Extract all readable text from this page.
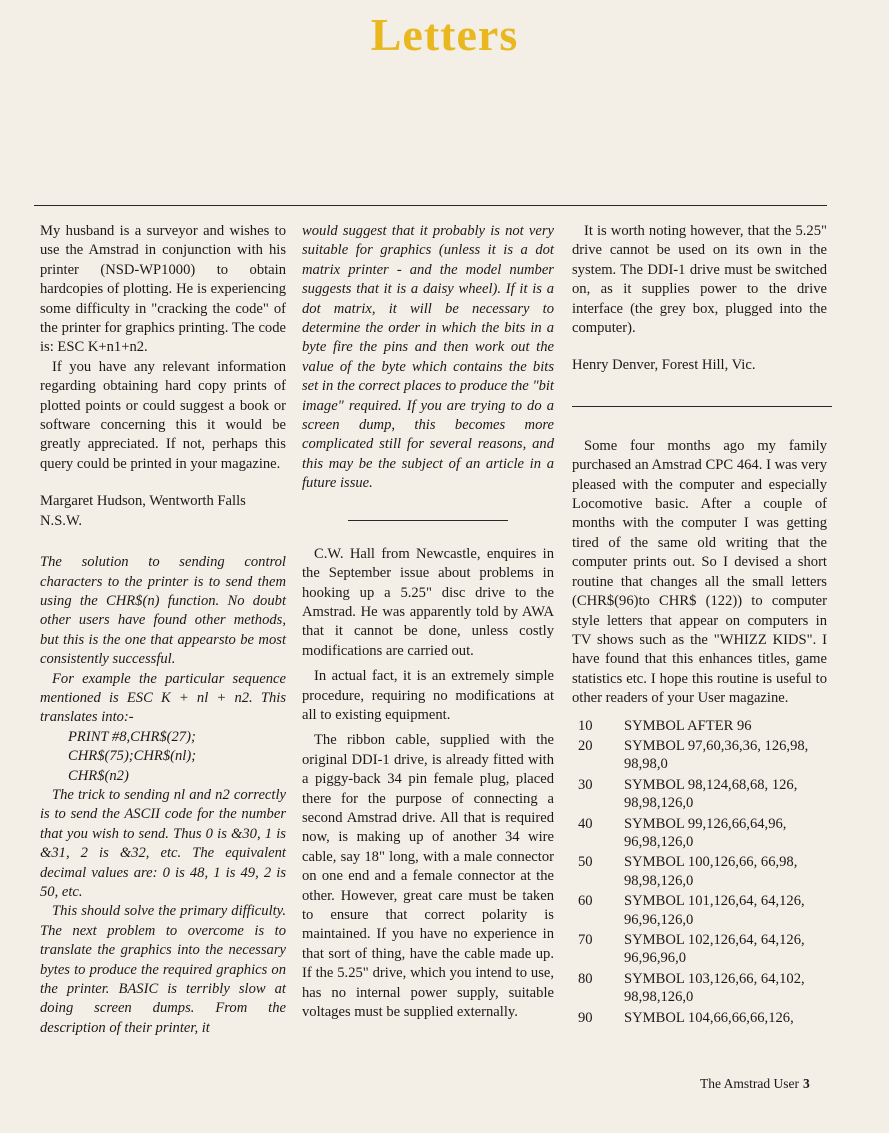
Letters

My husband is a surveyor and wishes to use the Amstrad in conjunction with his printer (NSD-WP1000) to obtain hardcopies of plotting. He is experiencing some difficulty in "cracking the code" of the printer for graphics printing. The code is: ESC K+n1+n2.

If you have any relevant information regarding obtaining hard copy prints of plotted points or could suggest a book or software concerning this it would be greatly appreciated. If not, perhaps this query could be printed in your magazine.

Margaret Hudson, Wentworth Falls
N.S.W.

The solution to sending control characters to the printer is to send them using the CHR$(n) function. No doubt other users have found other methods, but this is the one that appearsto be most consistently successful.

For example the particular sequence mentioned is ESC K + nl + n2. This translates into:-

PRINT #8,CHR$(27);
CHR$(75);CHR$(nl);
CHR$(n2)

The trick to sending nl and n2 correctly is to send the ASCII code for the number that you wish to send. Thus 0 is &30, 1 is &31, 2 is &32, etc. The equivalent decimal values are: 0 is 48, 1 is 49, 2 is 50, etc.

This should solve the primary difficulty. The next problem to overcome is to translate the graphics into the necessary bytes to produce the required graphics on the printer. BASIC is terribly slow at doing screen dumps. From the description of their printer, it

would suggest that it probably is not very suitable for graphics (unless it is a dot matrix printer - and the model number suggests that it is a daisy wheel). If it is a dot matrix, it will be necessary to determine the order in which the bits in a byte fire the pins and then work out the value of the byte which contains the bits set in the correct places to produce the "bit image" required. If you are trying to do a screen dump, this becomes more complicated still for several reasons, and this may be the subject of an article in a future issue.

C.W. Hall from Newcastle, enquires in the September issue about problems in hooking up a 5.25" disc drive to the Amstrad. He was apparently told by AWA that it cannot be done, unless costly modifications are carried out.

In actual fact, it is an extremely simple procedure, requiring no modifications at all to existing equipment.

The ribbon cable, supplied with the original DDI-1 drive, is already fitted with a piggy-back 34 pin female plug, placed there for the purpose of connecting a second Amstrad drive. All that is required now, is making up of another 34 wire cable, say 18" long, with a male connector on one end and a female connector at the other. However, great care must be taken to ensure that correct polarity is maintained. If you have no experience in that sort of thing, have the cable made up. If the 5.25" drive, which you intend to use, has no internal power supply, suitable voltages must be supplied externally.

It is worth noting however, that the 5.25" drive cannot be used on its own in the system. The DDI-1 drive must be switched on, as it supplies power to the drive interface (the grey box, plugged into the computer).

Henry Denver, Forest Hill, Vic.

Some four months ago my family purchased an Amstrad CPC 464. I was very pleased with the computer and especially Locomotive basic. After a couple of months with the computer I was getting tired of the same old writing that the computer prints out. So I devised a short routine that changes all the small letters (CHR$(96)to CHR$ (122)) to computer style letters that appear on computers in TV shows such as the "WHIZZ KIDS". I have found that this enhances titles, game statistics etc. I hope this routine is useful to other readers of your User magazine.

10	SYMBOL AFTER 96
20	SYMBOL 97,60,36,36, 126,98, 98,98,0
30	SYMBOL 98,124,68,68, 126, 98,98,126,0
40	SYMBOL 99,126,66,64,96, 96,98,126,0
50	SYMBOL 100,126,66, 66,98, 98,98,126,0
60	SYMBOL 101,126,64, 64,126, 96,96,126,0
70	SYMBOL 102,126,64, 64,126, 96,96,96,0
80	SYMBOL 103,126,66, 64,102, 98,98,126,0
90	SYMBOL 104,66,66,66,126,
The Amstrad User 3
